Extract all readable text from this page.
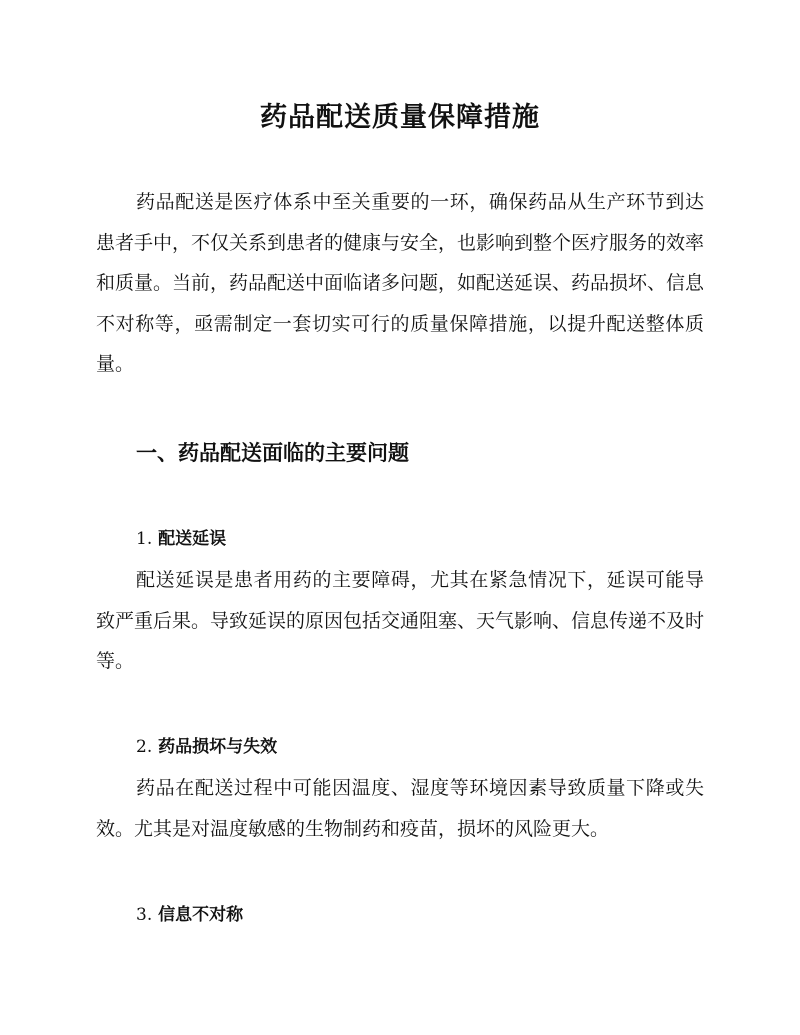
药品配送质量保障措施

药品配送是医疗体系中至关重要的一环，确保药品从生产环节到达患者手中，不仅关系到患者的健康与安全，也影响到整个医疗服务的效率和质量。当前，药品配送中面临诸多问题，如配送延误、药品损坏、信息不对称等，亟需制定一套切实可行的质量保障措施，以提升配送整体质量。

一、药品配送面临的主要问题
1. 配送延误

配送延误是患者用药的主要障碍，尤其在紧急情况下，延误可能导致严重后果。导致延误的原因包括交通阻塞、天气影响、信息传递不及时等。

2. 药品损坏与失效

药品在配送过程中可能因温度、湿度等环境因素导致质量下降或失效。尤其是对温度敏感的生物制药和疫苗，损坏的风险更大。

3. 信息不对称
